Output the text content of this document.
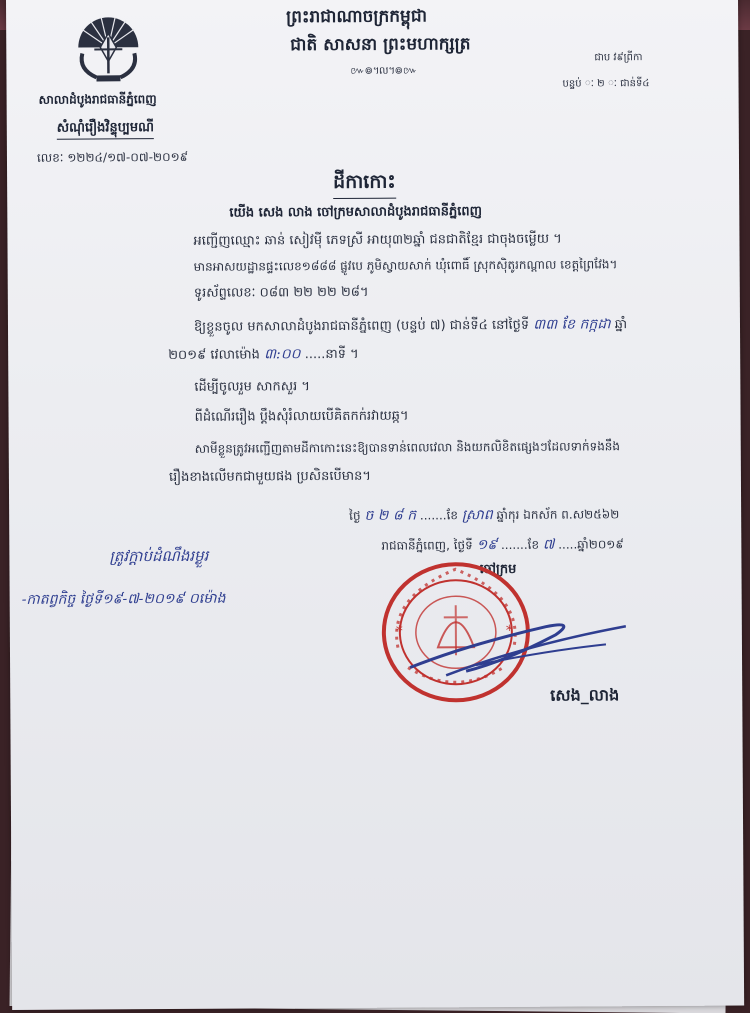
សាលាដំបូងរាជធានីភ្នំពេញ
សំណុំរឿងវិន្ទុប្បមណី
លេខៈ ១២២៤/១៧-០៧-២០១៩
ព្រះរាជាណាចក្រកម្ពុជា
ជាតិ សាសនា ព្រះមហាក្សត្រ
៚៙៘៙៚
ជាប វ៩ព្រីកា
បន្ទប់ ៈ ២ ៈ ជាន់ទី៤
ដីកាកោះ
យើង សេង លាង ចៅក្រមសាលាដំបូងរាជធានីភ្នំពេញ
អញ្ជើញឈ្មោះ ឆាន់ សៀវម៉ី ភេទស្រី អាយុ៣២ឆ្នាំ ជនជាតិខ្មែរ ជាចុងចម្លើយ ។
មានអាសយដ្ឋានផ្ទះលេខ១៨៨៨ ផ្លូវបេ ភូមិស្វាយសាក់ ឃុំពោធិ៍ ស្រុកស៊ិតូរកណ្ដាល ខេត្តព្រៃវែង។
ទូរស័ព្ទលេខៈ ០៨៣ ២២ ២២ ២៨។
ឱ្យខ្លួនចូល មកសាលាដំបូងរាជធានីភ្នំពេញ (បន្ទប់ ៧) ជាន់ទី៤ នៅថ្ងៃទី ៣៣ ខែ កក្កដា ឆ្នាំ
២០១៩ វេលាម៉ោង ៣:០០ .....នាទី ។
ដើម្បីចូលរួម សាកសួរ ។
ពីដំណើររឿង ប្ដឹងសុំរំលាយបើគិតកក់រវាយឆ្ក។
សាមីខ្លួនត្រូវអញ្ជើញតាមដីកាកោះនេះឱ្យបានទាន់ពេលវេលា និងយកលិខិតផ្សេងៗដែលទាក់ទងនឹង
រឿងខាងលើមកជាមួយផង ប្រសិនបើមាន។
ថ្ងៃ ច ២ ៨ ក .......ខែ ស្រាព ឆ្នាំកុរ ឯកស័ក ព.ស២៥៦២
រាជធានីភ្នំពេញ, ថ្ងៃទី ១៩ .......ខែ ៧ .....ឆ្នាំ២០១៩
ត្រូវក្តាប់ដំណឹងរម្ងួរ
-កាតព្វកិច្ច ថ្ងៃទី១៩-៧-២០១៩ ០ម៉ោង
ចៅក្រម
*	*
សេង_លាង
